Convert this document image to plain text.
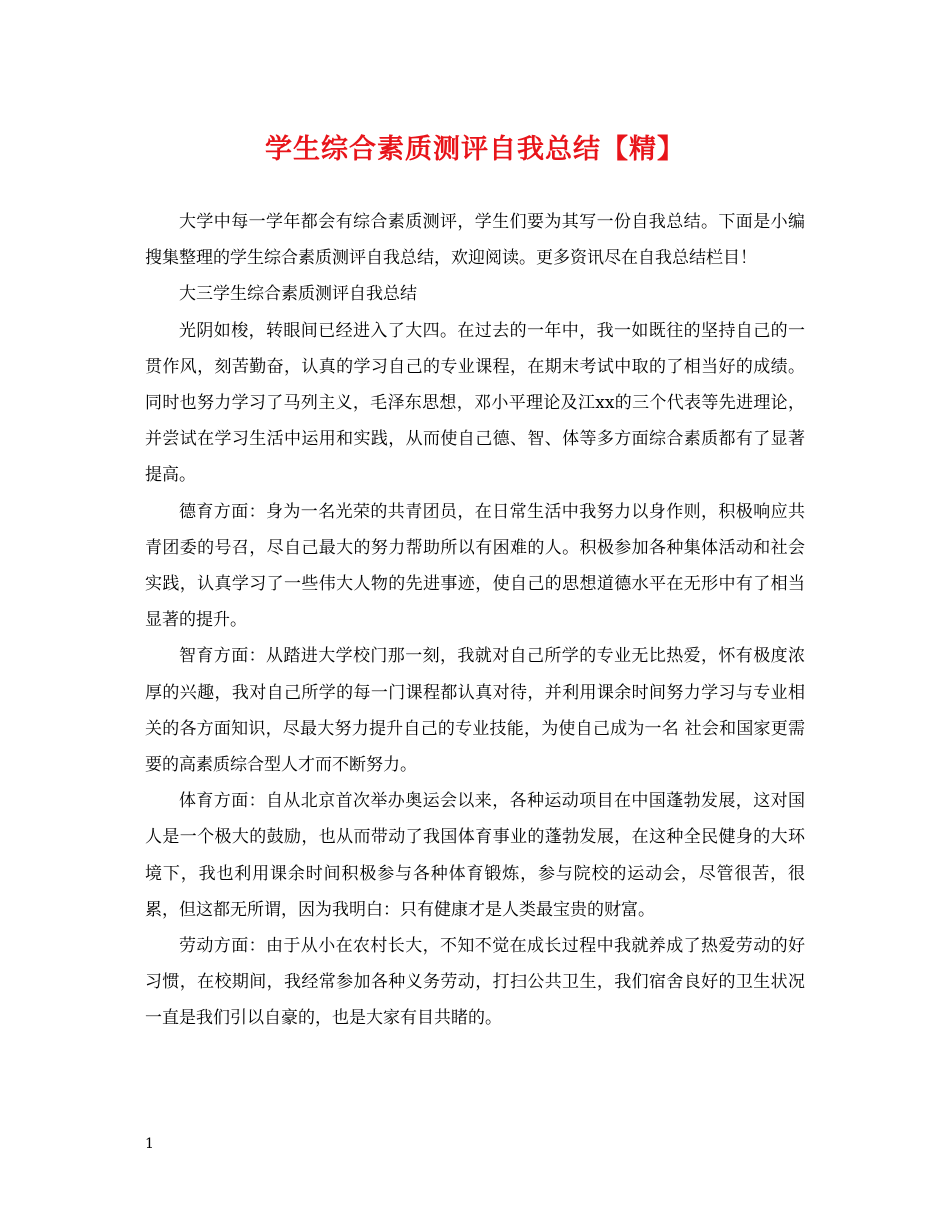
学生综合素质测评自我总结【精】

大学中每一学年都会有综合素质测评，学生们要为其写一份自我总结。下面是小编搜集整理的学生综合素质测评自我总结，欢迎阅读。更多资讯尽在自我总结栏目！

大三学生综合素质测评自我总结

光阴如梭，转眼间已经进入了大四。在过去的一年中，我一如既往的坚持自己的一贯作风，刻苦勤奋，认真的学习自己的专业课程，在期末考试中取的了相当好的成绩。同时也努力学习了马列主义，毛泽东思想，邓小平理论及江xx的三个代表等先进理论，并尝试在学习生活中运用和实践，从而使自己德、智、体等多方面综合素质都有了显著提高。

德育方面：身为一名光荣的共青团员，在日常生活中我努力以身作则，积极响应共青团委的号召，尽自己最大的努力帮助所以有困难的人。积极参加各种集体活动和社会实践，认真学习了一些伟大人物的先进事迹，使自己的思想道德水平在无形中有了相当显著的提升。

智育方面：从踏进大学校门那一刻，我就对自己所学的专业无比热爱，怀有极度浓厚的兴趣，我对自己所学的每一门课程都认真对待，并利用课余时间努力学习与专业相关的各方面知识，尽最大努力提升自己的专业技能，为使自己成为一名 社会和国家更需要的高素质综合型人才而不断努力。

体育方面：自从北京首次举办奥运会以来，各种运动项目在中国蓬勃发展，这对国人是一个极大的鼓励，也从而带动了我国体育事业的蓬勃发展，在这种全民健身的大环境下，我也利用课余时间积极参与各种体育锻炼，参与院校的运动会，尽管很苦，很累，但这都无所谓，因为我明白：只有健康才是人类最宝贵的财富。

劳动方面：由于从小在农村长大，不知不觉在成长过程中我就养成了热爱劳动的好习惯，在校期间，我经常参加各种义务劳动，打扫公共卫生，我们宿舍良好的卫生状况一直是我们引以自豪的，也是大家有目共睹的。

1
